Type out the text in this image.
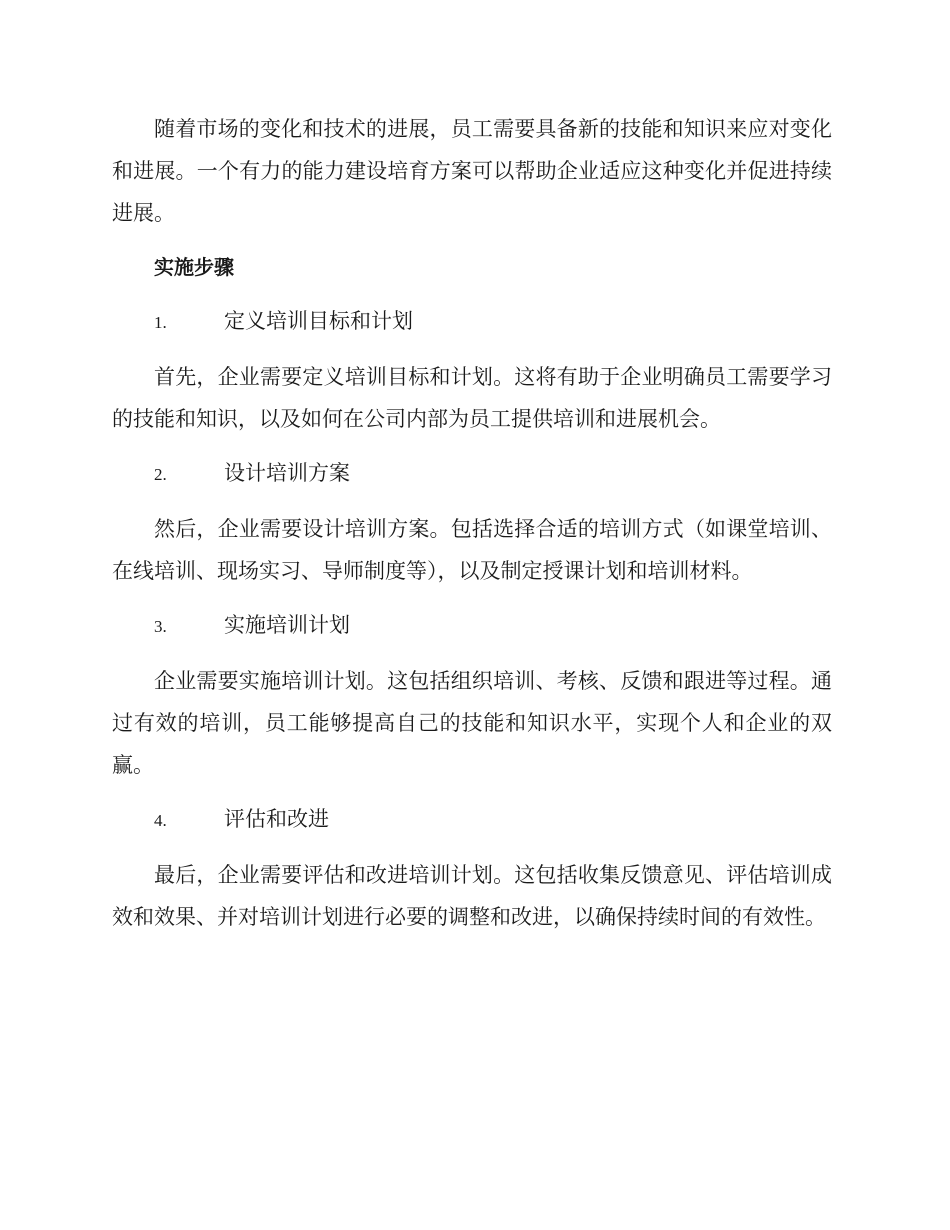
随着市场的变化和技术的进展，员工需要具备新的技能和知识来应对变化和进展。一个有力的能力建设培育方案可以帮助企业适应这种变化并促进持续进展。

实施步骤
1.	定义培训目标和计划

首先，企业需要定义培训目标和计划。这将有助于企业明确员工需要学习的技能和知识，以及如何在公司内部为员工提供培训和进展机会。

2.	设计培训方案

然后，企业需要设计培训方案。包括选择合适的培训方式（如课堂培训、在线培训、现场实习、导师制度等），以及制定授课计划和培训材料。

3.	实施培训计划

企业需要实施培训计划。这包括组织培训、考核、反馈和跟进等过程。通过有效的培训，员工能够提高自己的技能和知识水平，实现个人和企业的双赢。

4.	评估和改进

最后，企业需要评估和改进培训计划。这包括收集反馈意见、评估培训成效和效果、并对培训计划进行必要的调整和改进，以确保持续时间的有效性。
